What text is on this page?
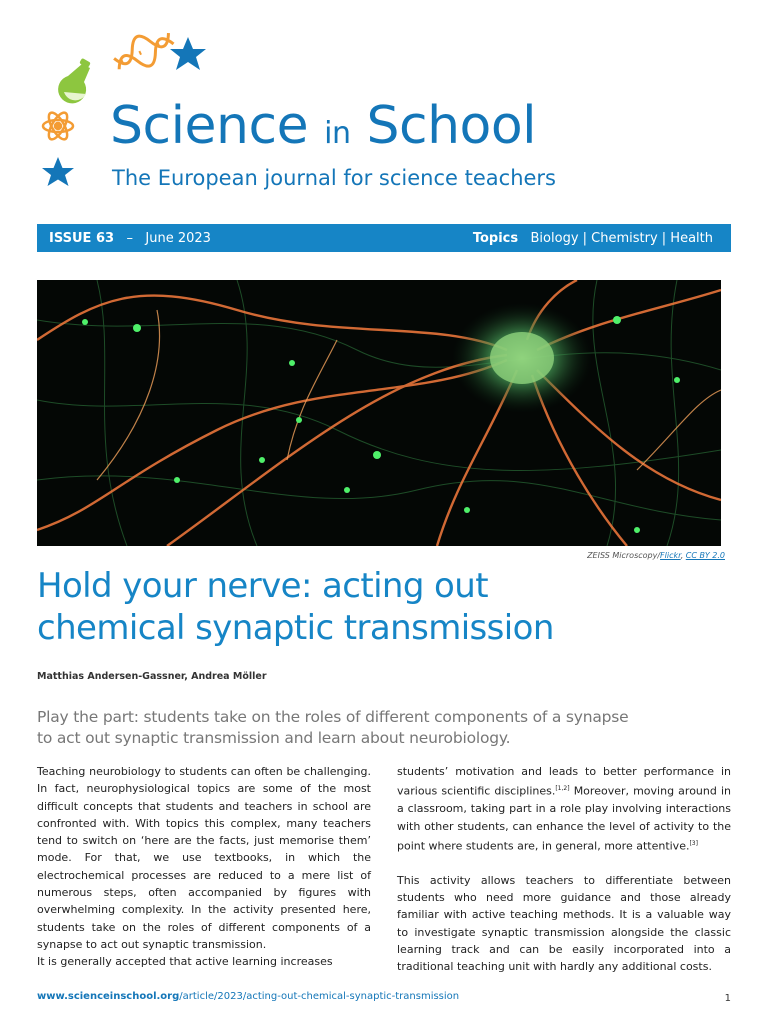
Science in School
The European journal for science teachers
ISSUE 63 – June 2023	Topics Biology | Chemistry | Health
ZEISS Microscopy/Flickr, CC BY 2.0
Hold your nerve: acting out
chemical synaptic transmission
Matthias Andersen-Gassner, Andrea Möller
Play the part: students take on the roles of different components of a synapse
to act out synaptic transmission and learn about neurobiology.

Teaching neurobiology to students can often be challenging. In fact, neurophysiological topics are some of the most difficult concepts that students and teachers in school are confronted with. With topics this complex, many teachers tend to switch on ‘here are the facts, just memorise them’ mode. For that, we use textbooks, in which the electrochemical processes are reduced to a mere list of numerous steps, often accompanied by figures with overwhelming complexity. In the activity presented here, students take on the roles of different components of a synapse to act out synaptic transmission.

It is generally accepted that active learning increases

students’ motivation and leads to better performance in various scientific disciplines.[1,2] Moreover, moving around in a classroom, taking part in a role play involving interactions with other students, can enhance the level of activity to the point where students are, in general, more attentive.[3]

This activity allows teachers to differentiate between students who need more guidance and those already familiar with active teaching methods. It is a valuable way to investigate synaptic transmission alongside the classic learning track and can be easily incorporated into a traditional teaching unit with hardly any additional costs.

www.scienceinschool.org/article/2023/acting-out-chemical-synaptic-transmission	1
